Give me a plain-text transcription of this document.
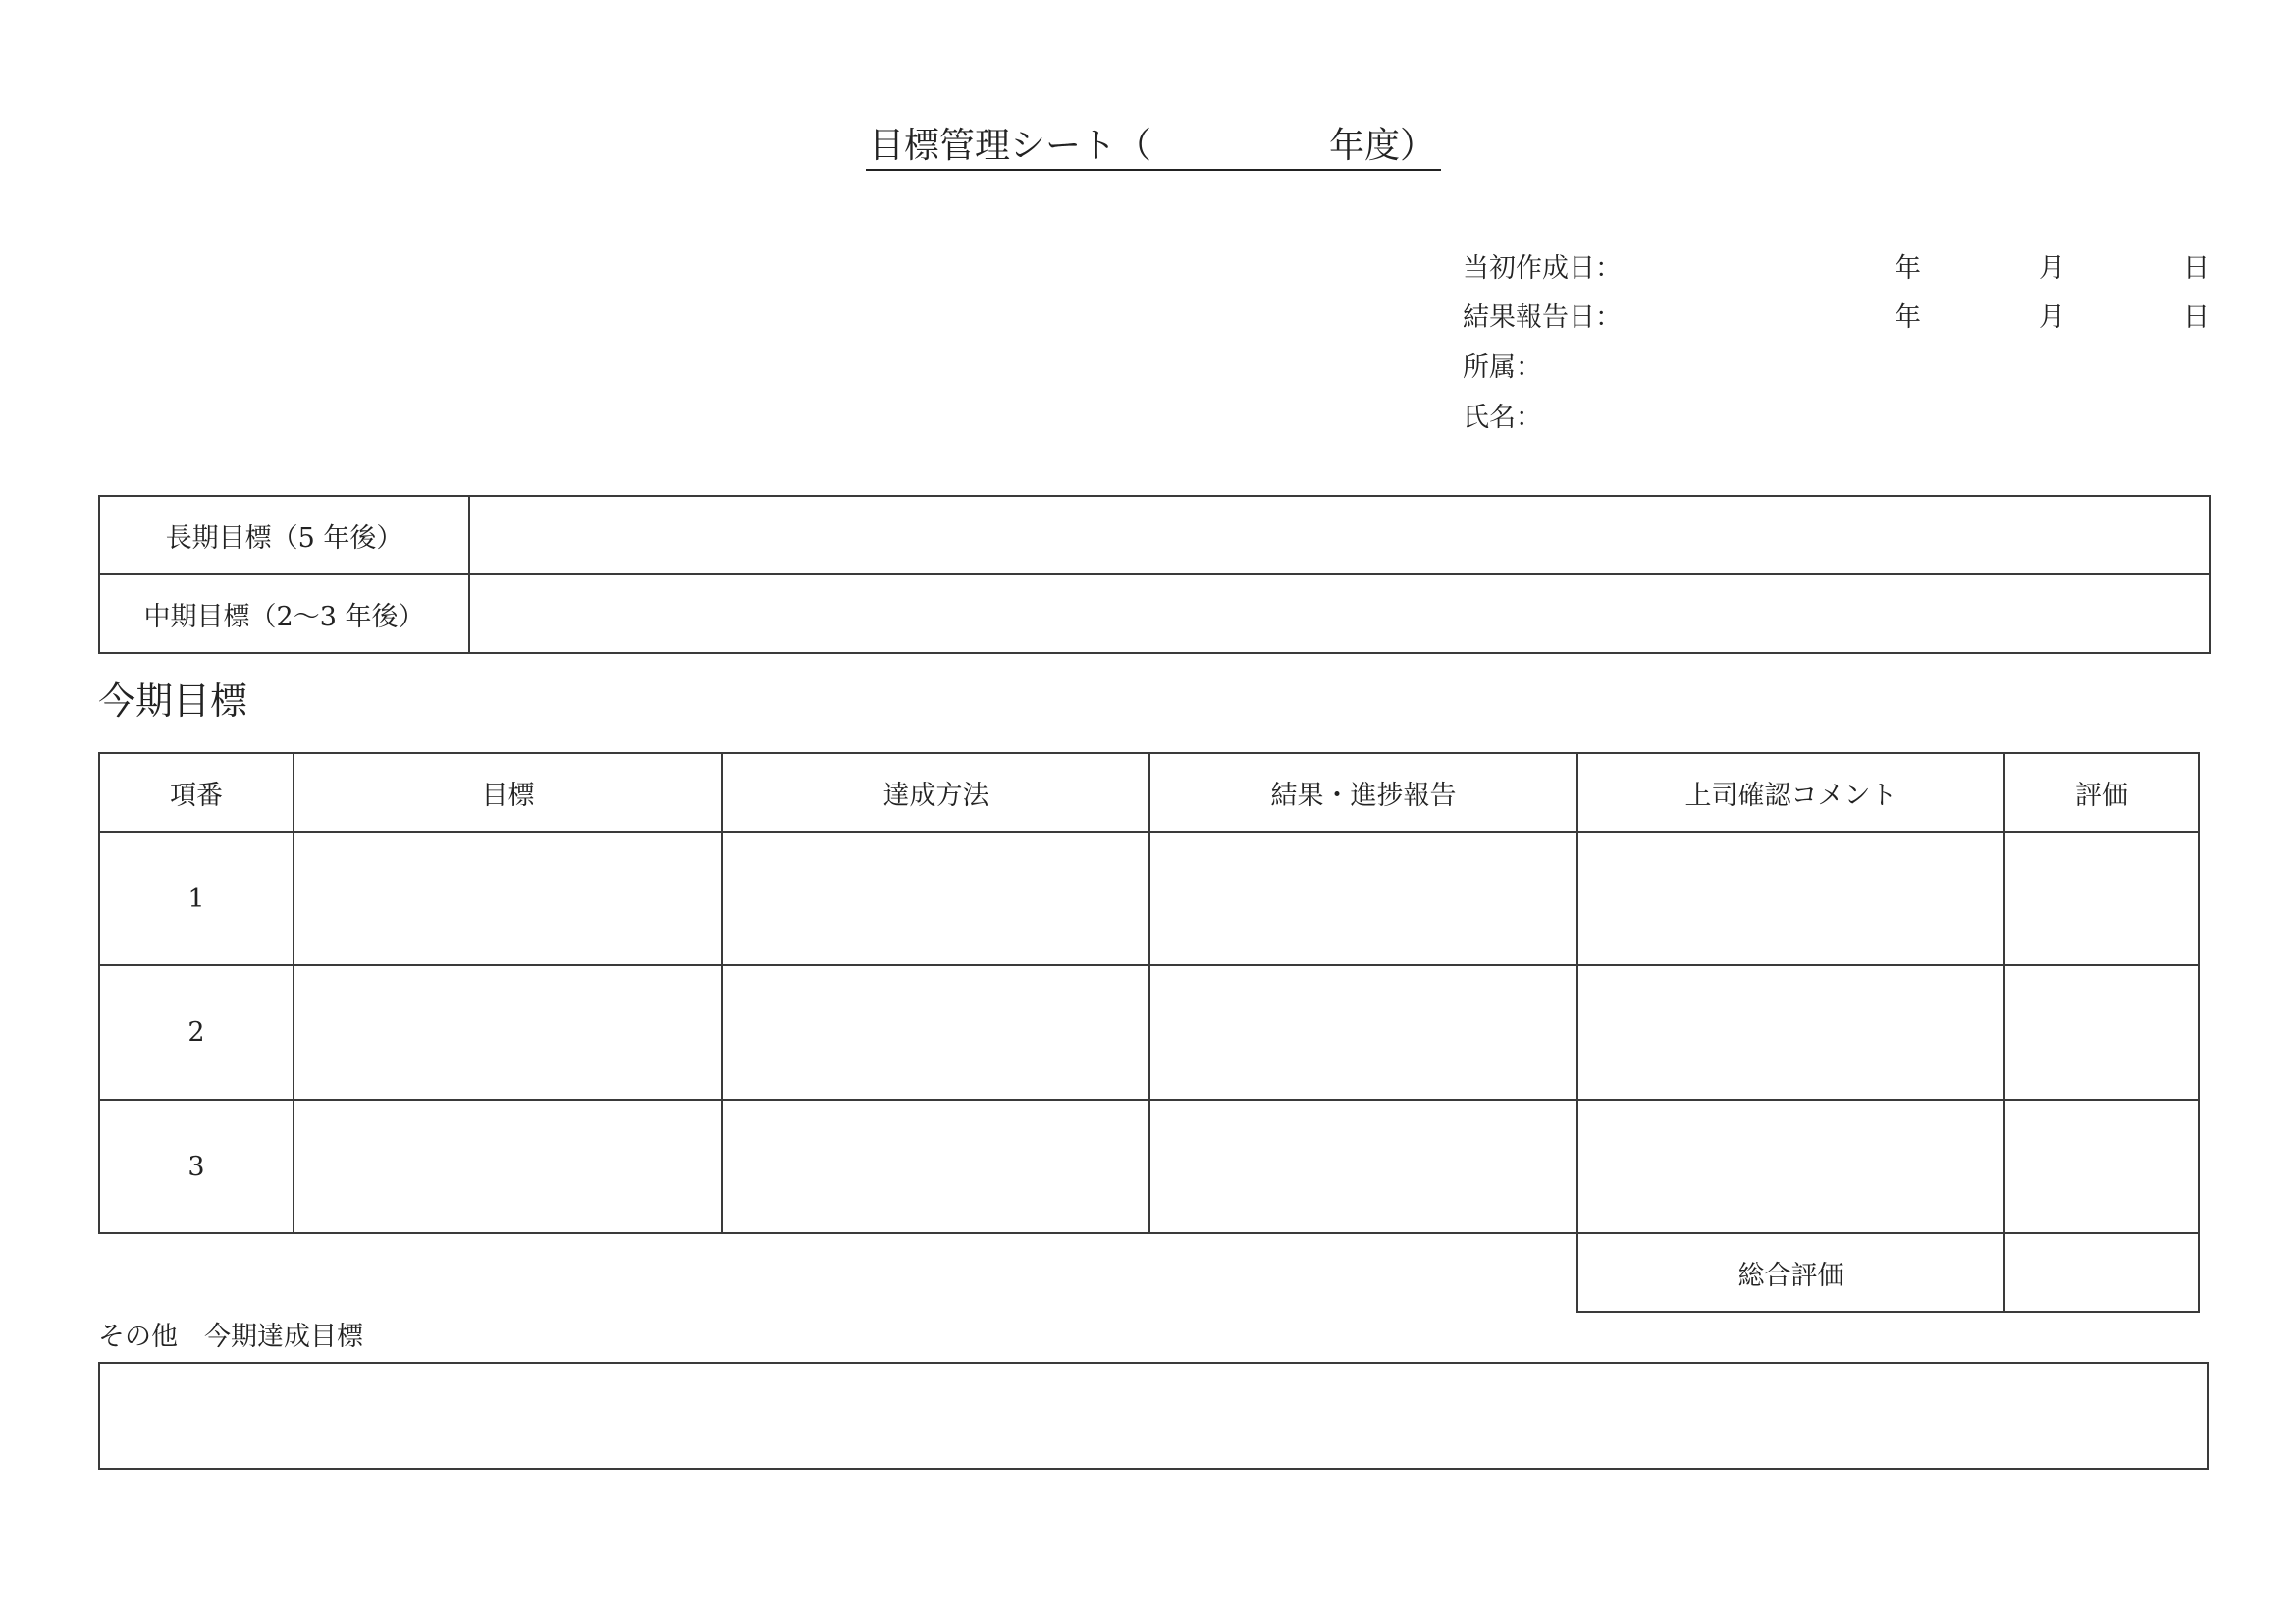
目標管理シート（	年度）
当初作成日：	年	月	日
結果報告日：	年	月	日
所属：
氏名：
長期目標（5 年後）	
中期目標（2〜3 年後）	
今期目標
項番	目標	達成方法	結果・進捗報告	上司確認コメント	評価
1					
2					
3					
				総合評価	
その他　今期達成目標
